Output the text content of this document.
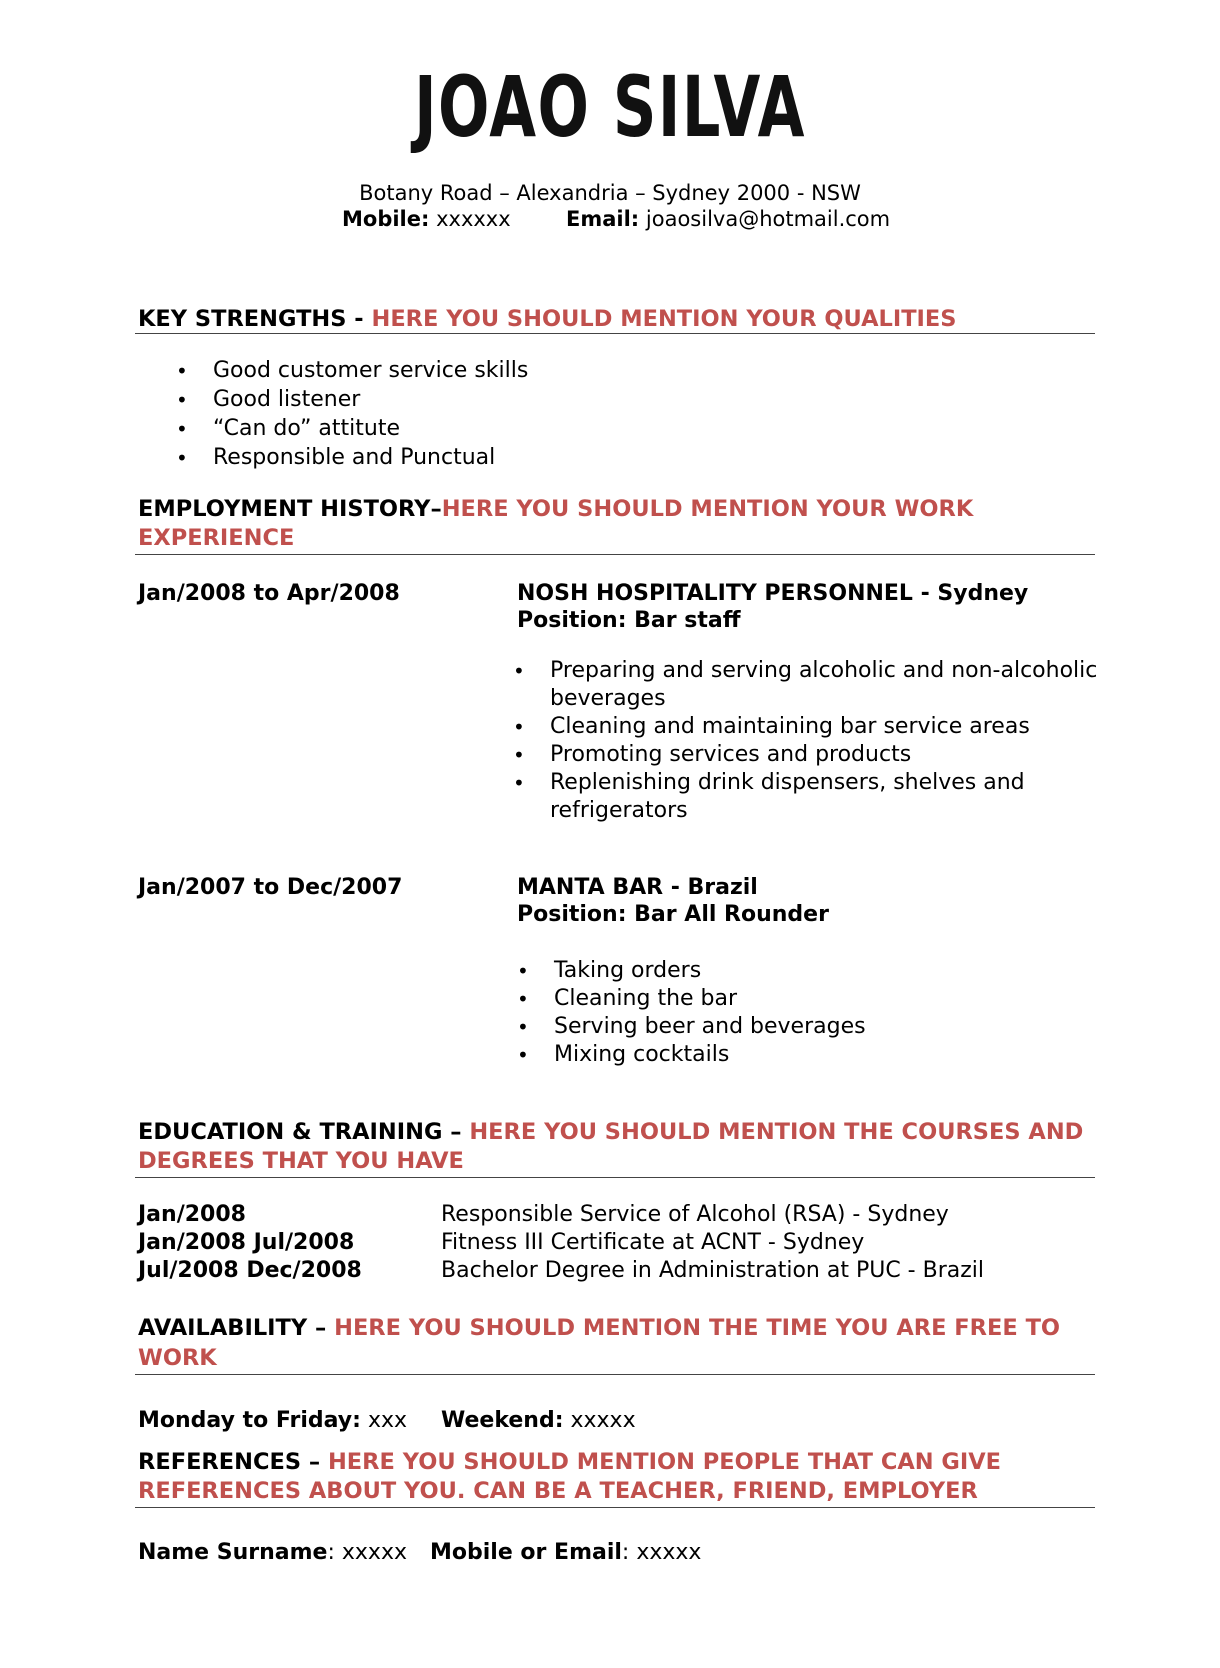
JOAO SILVA
Botany Road – Alexandria – Sydney 2000 - NSW
Mobile: xxxxxx	Email: joaosilva@hotmail.com
KEY STRENGTHS - HERE YOU SHOULD MENTION YOUR QUALITIES
• Good customer service skills
• Good listener
• “Can do” attitute
• Responsible and Punctual
EMPLOYMENT HISTORY–HERE YOU SHOULD MENTION YOUR WORK
EXPERIENCE
Jan/2008 to Apr/2008	NOSH HOSPITALITY PERSONNEL - Sydney
Position: Bar staff
• Preparing and serving alcoholic and non-alcoholic
beverages
• Cleaning and maintaining bar service areas
• Promoting services and products
• Replenishing drink dispensers, shelves and
refrigerators
Jan/2007 to Dec/2007	MANTA BAR - Brazil
Position: Bar All Rounder
• Taking orders
• Cleaning the bar
• Serving beer and beverages
• Mixing cocktails
EDUCATION & TRAINING – HERE YOU SHOULD MENTION THE COURSES AND
DEGREES THAT YOU HAVE
Jan/2008	Responsible Service of Alcohol (RSA) - Sydney
Jan/2008 Jul/2008	Fitness III Certificate at ACNT - Sydney
Jul/2008 Dec/2008	Bachelor Degree in Administration at PUC - Brazil
AVAILABILITY – HERE YOU SHOULD MENTION THE TIME YOU ARE FREE TO
WORK
Monday to Friday: xxx Weekend: xxxxx
REFERENCES – HERE YOU SHOULD MENTION PEOPLE THAT CAN GIVE
REFERENCES ABOUT YOU. CAN BE A TEACHER, FRIEND, EMPLOYER
Name Surname: xxxxx Mobile or Email: xxxxx
